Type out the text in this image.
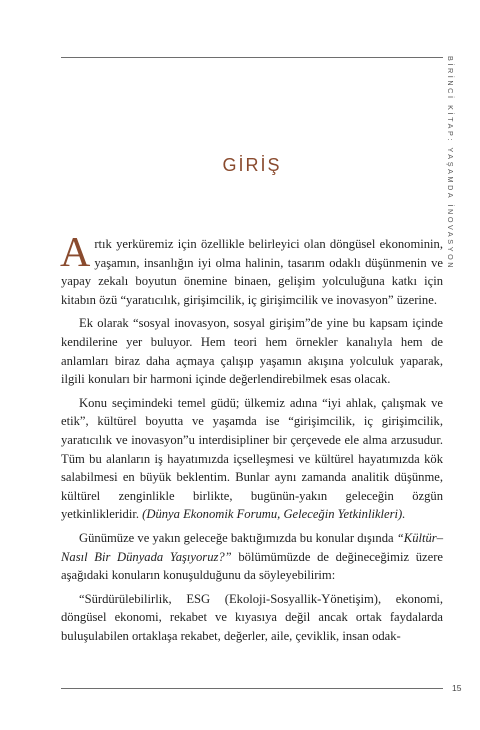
BİRİNCİ KİTAP: YAŞAMDA İNOVASYON
GİRİŞ

Artık yerküremiz için özellikle belirleyici olan döngüsel ekonominin, yaşamın, insanlığın iyi olma halinin, tasarım odaklı düşünmenin ve yapay zekalı boyutun önemine binaen, gelişim yolculuğuna katkı için kitabın özü “yaratıcılık, girişimcilik, iç girişimcilik ve inovasyon” üzerine.

Ek olarak “sosyal inovasyon, sosyal girişim”de yine bu kapsam içinde kendilerine yer buluyor. Hem teori hem örnekler kanalıyla hem de anlamları biraz daha açmaya çalışıp yaşamın akışına yolculuk yaparak, ilgili konuları bir harmoni içinde değerlendirebilmek esas olacak.

Konu seçimindeki temel güdü; ülkemiz adına “iyi ahlak, çalışmak ve etik”, kültürel boyutta ve yaşamda ise “girişimcilik, iç girişimcilik, yaratıcılık ve inovasyon”u interdisipliner bir çerçevede ele alma arzusudur. Tüm bu alanların iş hayatımızda içselleşmesi ve kültürel hayatımızda kök salabilmesi en büyük beklentim. Bunlar aynı zamanda analitik düşünme, kültürel zenginlikle birlikte, bugünün-yakın geleceğin özgün yetkinlikleridir. (Dünya Ekonomik Forumu, Geleceğin Yetkinlikleri).

Günümüze ve yakın geleceğe baktığımızda bu konular dışında “Kültür– Nasıl Bir Dünyada Yaşıyoruz?” bölümümüzde de değineceğimiz üzere aşağıdaki konuların konuşulduğunu da söyleyebilirim:

“Sürdürülebilirlik, ESG (Ekoloji-Sosyallik-Yönetişim), ekonomi, döngüsel ekonomi, rekabet ve kıyasıya değil ancak ortak faydalarda buluşulabilen ortaklaşa rekabet, değerler, aile, çeviklik, insan odak-

15
